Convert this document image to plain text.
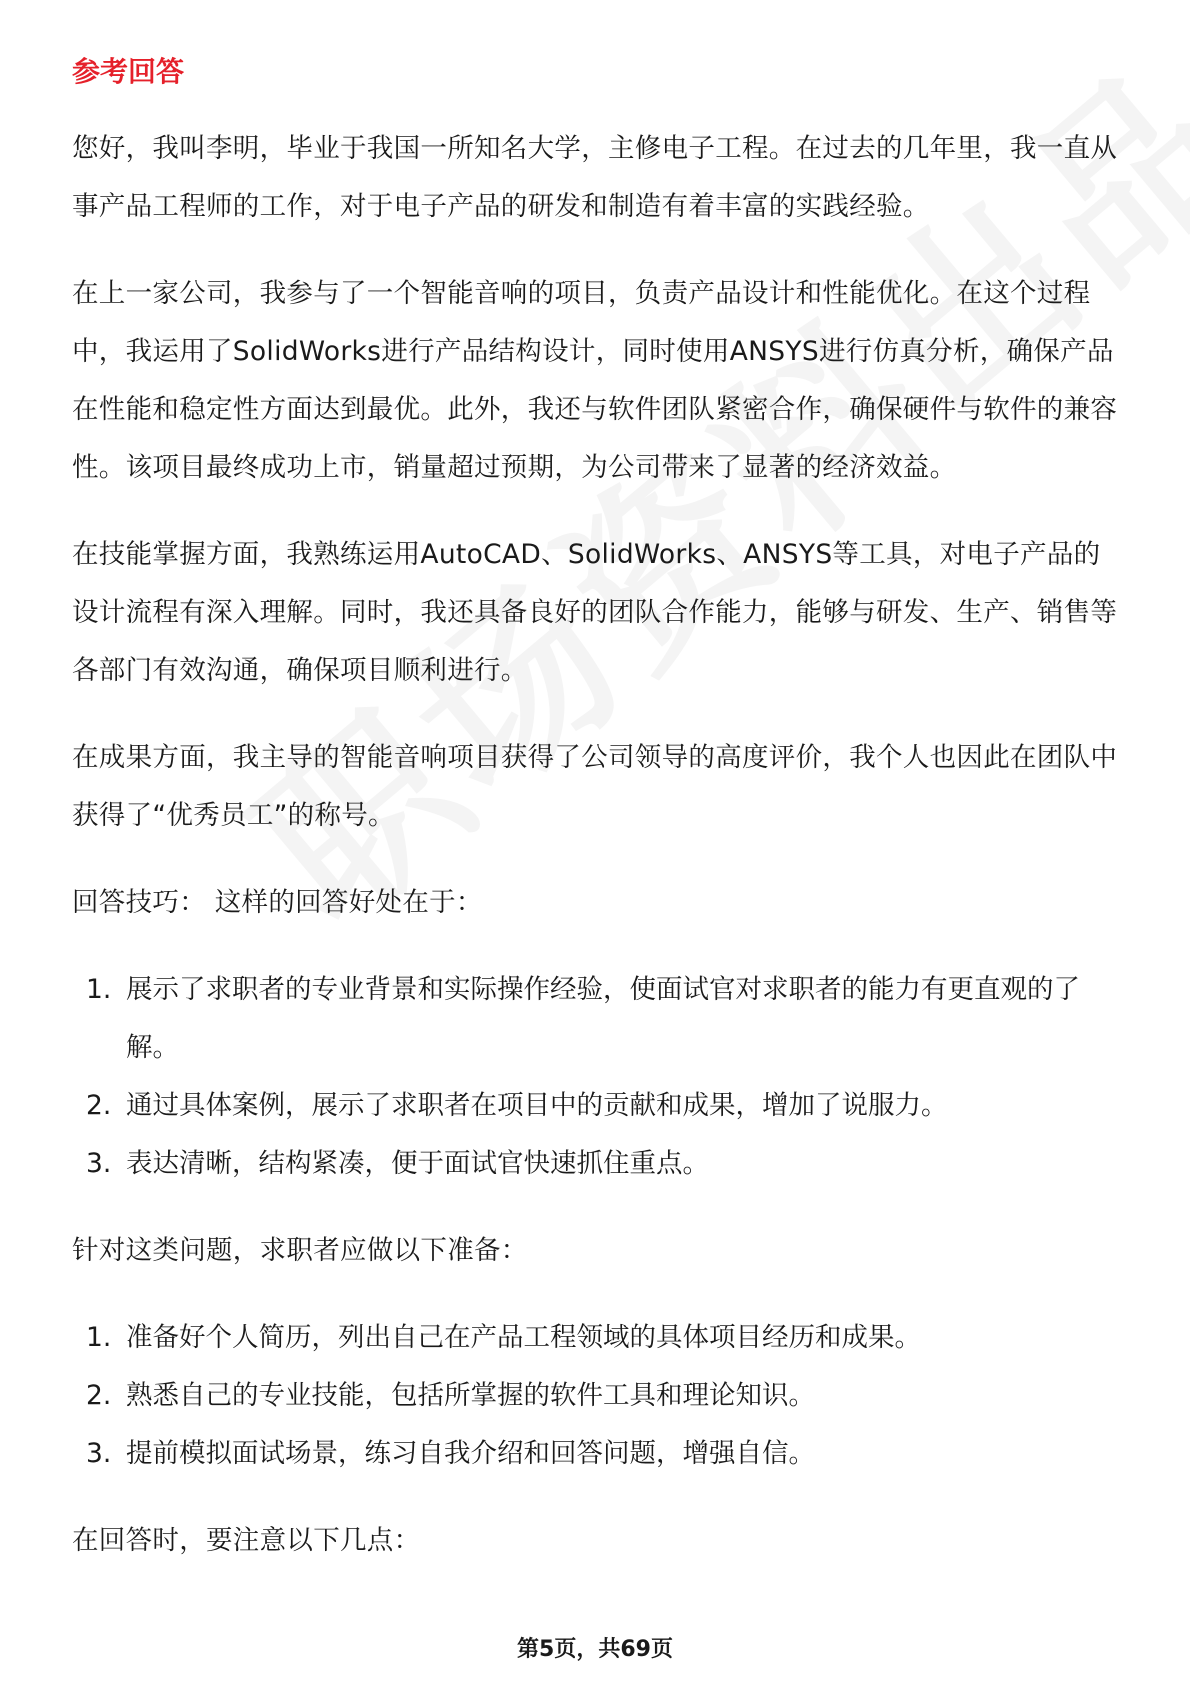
参考回答

您好，我叫李明，毕业于我国一所知名大学，主修电子工程。在过去的几年里，我一直从事产品工程师的工作，对于电子产品的研发和制造有着丰富的实践经验。

在上一家公司，我参与了一个智能音响的项目，负责产品设计和性能优化。在这个过程中，我运用了SolidWorks进行产品结构设计，同时使用ANSYS进行仿真分析，确保产品在性能和稳定性方面达到最优。此外，我还与软件团队紧密合作，确保硬件与软件的兼容性。该项目最终成功上市，销量超过预期，为公司带来了显著的经济效益。

在技能掌握方面，我熟练运用AutoCAD、SolidWorks、ANSYS等工具，对电子产品的设计流程有深入理解。同时，我还具备良好的团队合作能力，能够与研发、生产、销售等各部门有效沟通，确保项目顺利进行。

在成果方面，我主导的智能音响项目获得了公司领导的高度评价，我个人也因此在团队中获得了“优秀员工”的称号。

回答技巧： 这样的回答好处在于：

1. 展示了求职者的专业背景和实际操作经验，使面试官对求职者的能力有更直观的了解。
2. 通过具体案例，展示了求职者在项目中的贡献和成果，增加了说服力。
3. 表达清晰，结构紧凑，便于面试官快速抓住重点。

针对这类问题，求职者应做以下准备：

1. 准备好个人简历，列出自己在产品工程领域的具体项目经历和成果。
2. 熟悉自己的专业技能，包括所掌握的软件工具和理论知识。
3. 提前模拟面试场景，练习自我介绍和回答问题，增强自信。

在回答时，要注意以下几点：

第5页，共69页
